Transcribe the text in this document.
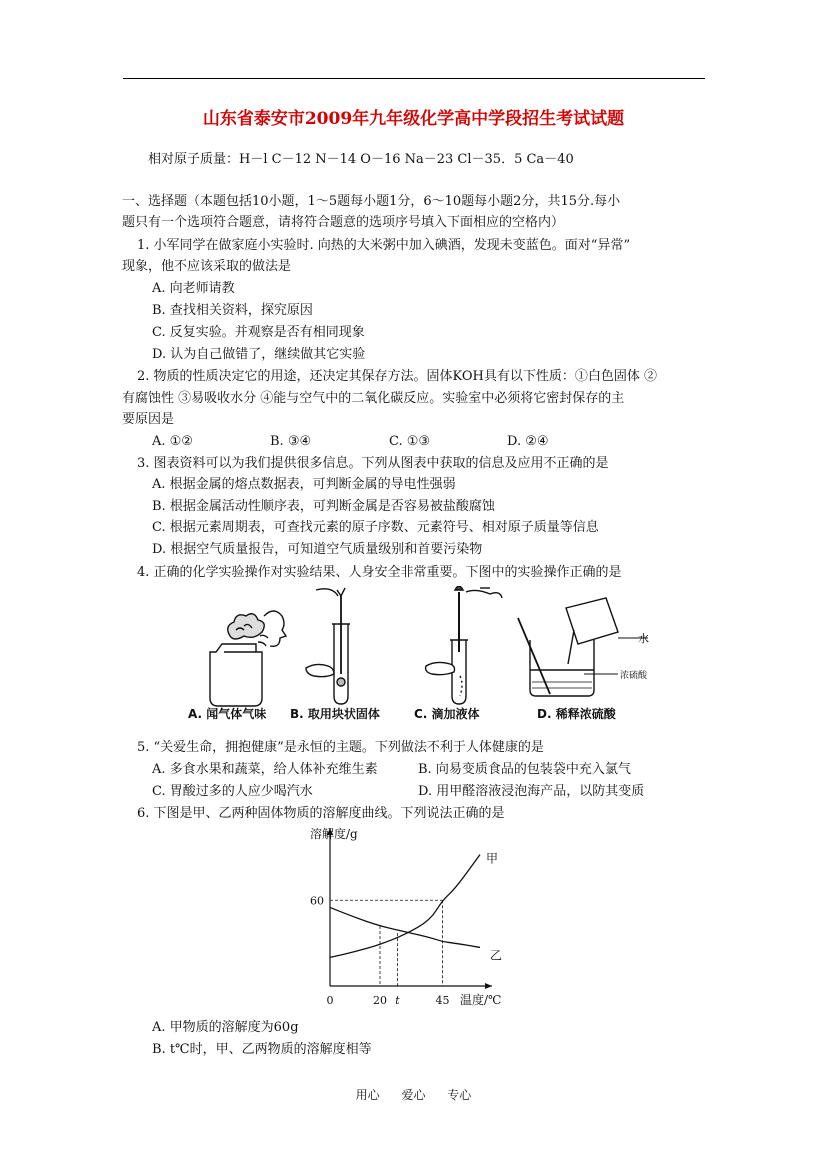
山东省泰安市2009年九年级化学高中学段招生考试试题
相对原子质量：H－l C－12 N－14 O－16 Na－23 Cl－35．5 Ca－40
一、选择题（本题包括10小题，1～5题每小题1分，6～10题每小题2分，共15分.每小
题只有一个选项符合题意，请将符合题意的选项序号填入下面相应的空格内）
1. 小军同学在做家庭小实验时. 向热的大米粥中加入碘酒，发现未变蓝色。面对“异常”
现象，他不应该采取的做法是
A. 向老师请教
B. 查找相关资料，探究原因
C. 反复实验。并观察是否有相同现象
D. 认为自己做错了，继续做其它实验
2. 物质的性质决定它的用途，还决定其保存方法。固体KOH具有以下性质：①白色固体 ②
有腐蚀性 ③易吸收水分 ④能与空气中的二氧化碳反应。实验室中必须将它密封保存的主
要原因是
A. ①②	B. ③④	C. ①③	D. ②④
3. 图表资料可以为我们提供很多信息。下列从图表中获取的信息及应用不正确的是
A. 根据金属的熔点数据表，可判断金属的导电性强弱
B. 根据金属活动性顺序表，可判断金属是否容易被盐酸腐蚀
C. 根据元素周期表，可查找元素的原子序数、元素符号、相对原子质量等信息
D. 根据空气质量报告，可知道空气质量级别和首要污染物
4. 正确的化学实验操作对实验结果、人身安全非常重要。下图中的实验操作正确的是
水
浓硫酸
A. 闻气体气味 B. 取用块状固体	C. 滴加液体	D. 稀释浓硫酸
5. “关爱生命，拥抱健康”是永恒的主题。下列做法不利于人体健康的是
A. 多食水果和蔬菜，给人体补充维生素	B. 向易变质食品的包装袋中充入氯气
C. 胃酸过多的人应少喝汽水	D. 用甲醛溶液浸泡海产品，以防其变质
6. 下图是甲、乙两种固体物质的溶解度曲线。下列说法正确的是
溶解度/g
温度/℃
60
0	20 t	45
甲
乙
A. 甲物质的溶解度为60g
B. t℃时，甲、乙两物质的溶解度相等
用心 爱心 专心
